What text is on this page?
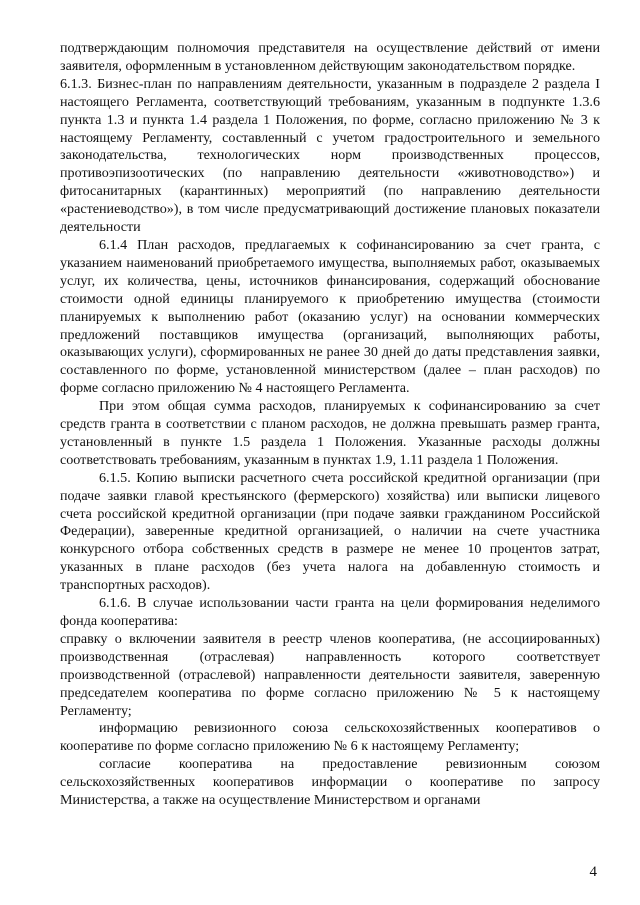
подтверждающим полномочия представителя на осуществление действий от имени заявителя, оформленным в установленном действующим законодательством порядке.

6.1.3. Бизнес-план по направлениям деятельности, указанным в подразделе 2 раздела I настоящего Регламента, соответствующий требованиям, указанным в подпункте 1.3.6 пункта 1.3 и пункта 1.4 раздела 1 Положения, по форме, согласно приложению № 3 к настоящему Регламенту, составленный с учетом градостроительного и земельного законодательства, технологических норм производственных процессов, противоэпизоотических (по направлению деятельности «животноводство») и фитосанитарных (карантинных) мероприятий (по направлению деятельности «растениеводство»), в том числе предусматривающий достижение плановых показатели деятельности

6.1.4 План расходов, предлагаемых к софинансированию за счет гранта, с указанием наименований приобретаемого имущества, выполняемых работ, оказываемых услуг, их количества, цены, источников финансирования, содержащий обоснование стоимости одной единицы планируемого к приобретению имущества (стоимости планируемых к выполнению работ (оказанию услуг) на основании коммерческих предложений поставщиков имущества (организаций, выполняющих работы, оказывающих услуги), сформированных не ранее 30 дней до даты представления заявки, составленного по форме, установленной министерством (далее – план расходов) по форме согласно приложению № 4 настоящего Регламента.

При этом общая сумма расходов, планируемых к софинансированию за счет средств гранта в соответствии с планом расходов, не должна превышать размер гранта, установленный в пункте 1.5 раздела 1 Положения. Указанные расходы должны соответствовать требованиям, указанным в пунктах 1.9, 1.11 раздела 1 Положения.

6.1.5. Копию выписки расчетного счета российской кредитной организации (при подаче заявки главой крестьянского (фермерского) хозяйства) или выписки лицевого счета российской кредитной организации (при подаче заявки гражданином Российской Федерации), заверенные кредитной организацией, о наличии на счете участника конкурсного отбора собственных средств в размере не менее 10 процентов затрат, указанных в плане расходов (без учета налога на добавленную стоимость и транспортных расходов).

6.1.6. В случае использовании части гранта на цели формирования неделимого фонда кооператива:

справку о включении заявителя в реестр членов кооператива, (не ассоциированных) производственная (отраслевая) направленность которого соответствует производственной (отраслевой) направленности деятельности заявителя, заверенную председателем кооператива по форме согласно приложению № 5 к настоящему Регламенту;

информацию ревизионного союза сельскохозяйственных кооперативов о кооперативе по форме согласно приложению № 6 к настоящему Регламенту;

согласие кооператива на предоставление ревизионным союзом сельскохозяйственных кооперативов информации о кооперативе по запросу Министерства, а также на осуществление Министерством и органами

4
